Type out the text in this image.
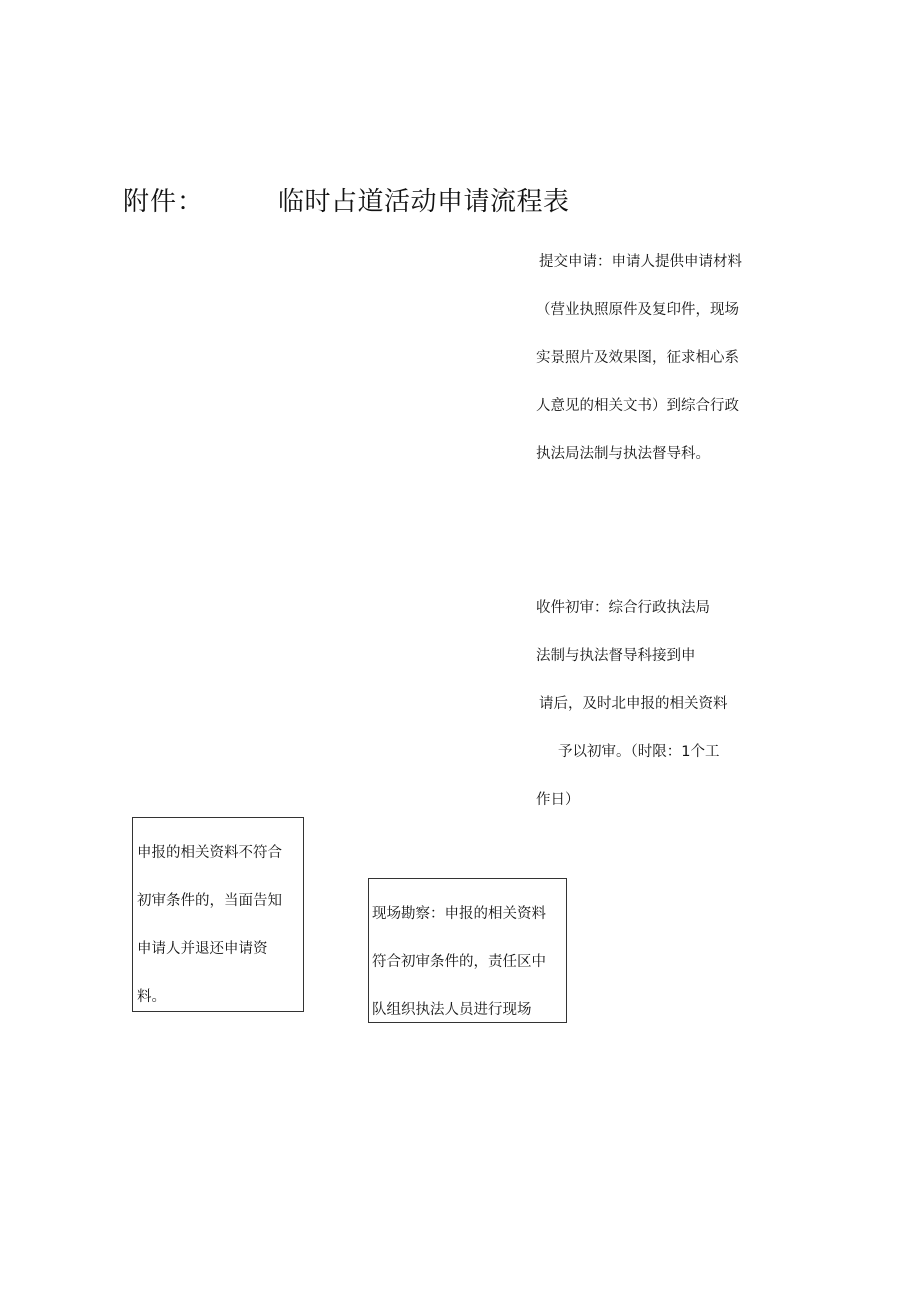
附件：	临时占道活动申请流程表
提交申请：申请人提供申请材料
（营业执照原件及复印件，现场
实景照片及效果图，征求相心系
人意见的相关文书）到综合行政
执法局法制与执法督导科。
收件初审：综合行政执法局
法制与执法督导科接到申
请后，及时北申报的相关资料
予以初审。（时限：1个工
作日）
申报的相关资料不符合
初审条件的，当面告知
申请人并退还申请资
料。
现场勘察：申报的相关资料
符合初审条件的，责任区中
队组织执法人员进行现场
